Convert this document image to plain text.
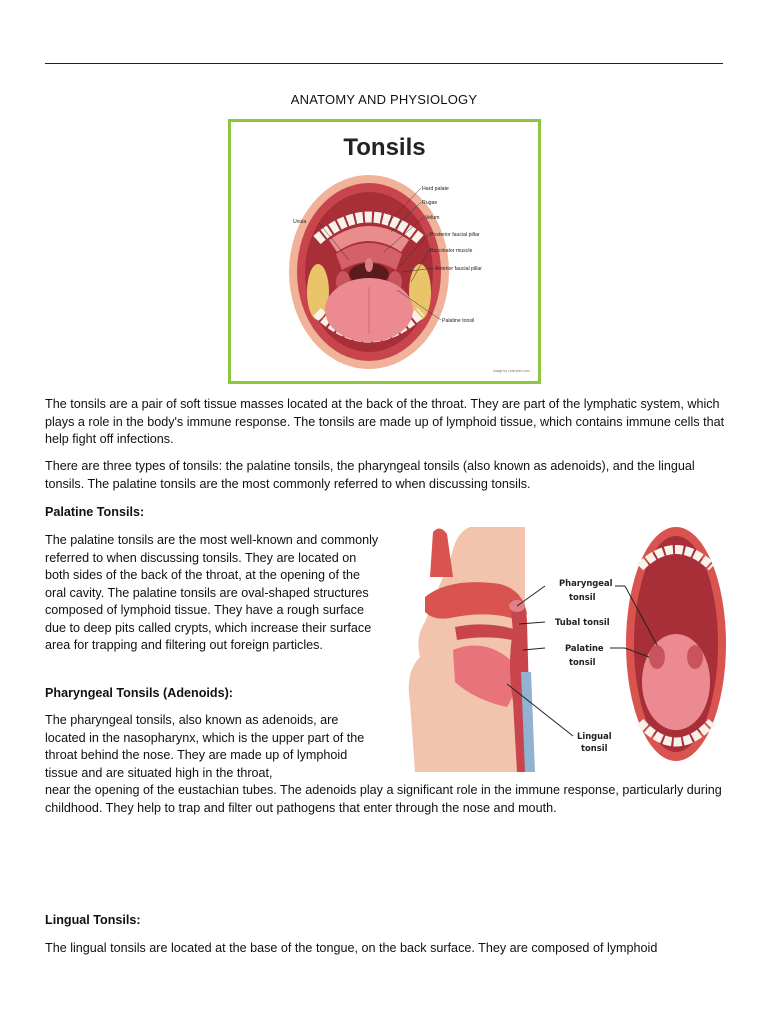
ANATOMY AND PHYSIOLOGY
Hard palate
Rugae
Velum
Posterior faucial pillar
Buccinator muscle
Anterior faucial pillar
Uvula
Palatine tonsil
Image by LearnInfo.com
Tonsils

The tonsils are a pair of soft tissue masses located at the back of the throat. They are part of the lymphatic system, which plays a role in the body's immune response. The tonsils are made up of lymphoid tissue, which contains immune cells that help fight off infections.

There are three types of tonsils: the palatine tonsils, the pharyngeal tonsils (also known as adenoids), and the lingual tonsils. The palatine tonsils are the most commonly referred to when discussing tonsils.

Palatine Tonsils:

The palatine tonsils are the most well-known and commonly referred to when discussing tonsils. They are located on both sides of the back of the throat, at the opening of the oral cavity. The palatine tonsils are oval-shaped structures composed of lymphoid tissue. They have a rough surface due to deep pits called crypts, which increase their surface area for trapping and filtering out foreign particles.

Pharyngeal
tonsil
Tubal tonsil
Palatine
tonsil
Lingual
tonsil
Pharyngeal Tonsils (Adenoids):

The pharyngeal tonsils, also known as adenoids, are located in the nasopharynx, which is the upper part of the throat behind the nose. They are made up of lymphoid tissue and are situated high in the throat,

near the opening of the eustachian tubes. The adenoids play a significant role in the immune response, particularly during childhood. They help to trap and filter out pathogens that enter through the nose and mouth.

Lingual Tonsils:

The lingual tonsils are located at the base of the tongue, on the back surface. They are composed of lymphoid
